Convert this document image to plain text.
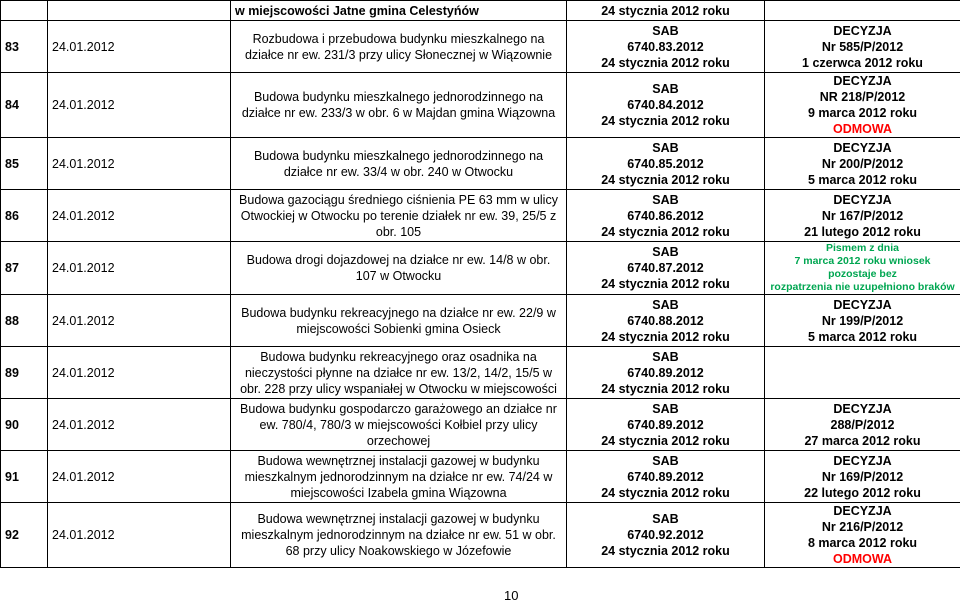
		w miejscowości Jatne gmina Celestyńów	24 stycznia 2012 roku	
83	24.01.2012	Rozbudowa i przebudowa budynku mieszkalnego na
działce nr ew. 231/3 przy ulicy Słonecznej w Wiązownie	SAB
6740.83.2012
24 stycznia 2012 roku	DECYZJA
Nr 585/P/2012
1 czerwca 2012 roku

84	24.01.2012	Budowa budynku mieszkalnego jednorodzinnego na
działce nr ew. 233/3 w obr. 6 w Majdan gmina Wiązowna	SAB
6740.84.2012
24 stycznia 2012 roku	DECYZJA
NR 218/P/2012
9 marca 2012 roku
ODMOWA

85	24.01.2012	Budowa budynku mieszkalnego jednorodzinnego na
działce nr ew. 33/4 w obr. 240 w Otwocku	SAB
6740.85.2012
24 stycznia 2012 roku	DECYZJA
Nr 200/P/2012
5 marca 2012 roku

86	24.01.2012	Budowa gazociągu średniego ciśnienia PE 63 mm w ulicy
Otwockiej w Otwocku po terenie działek nr ew. 39, 25/5 z obr. 105	SAB
6740.86.2012
24 stycznia 2012 roku	DECYZJA
Nr 167/P/2012
21 lutego 2012 roku

87	24.01.2012	Budowa drogi dojazdowej na działce nr ew. 14/8 w obr.
107 w Otwocku	SAB
6740.87.2012
24 stycznia 2012 roku	Pismem z dnia
7 marca 2012 roku wniosek pozostaje bez
rozpatrzenia nie uzupełniono braków

88	24.01.2012	Budowa budynku rekreacyjnego na działce nr ew. 22/9 w
miejscowości Sobienki gmina Osieck	SAB
6740.88.2012
24 stycznia 2012 roku	DECYZJA
Nr 199/P/2012
5 marca 2012 roku

89	24.01.2012	Budowa budynku rekreacyjnego oraz osadnika na nieczystości płynne na działce nr ew. 13/2, 14/2, 15/5 w
obr. 228 przy ulicy wspaniałej w Otwocku w miejscowości	SAB
6740.89.2012
24 stycznia 2012 roku	

90	24.01.2012	Budowa budynku gospodarczo garażowego an działce nr
ew. 780/4, 780/3 w miejscowości Kołbiel przy ulicy orzechowej	SAB
6740.89.2012
24 stycznia 2012 roku	DECYZJA
288/P/2012
27 marca 2012 roku

91	24.01.2012	Budowa wewnętrznej instalacji gazowej w budynku
mieszkalnym jednorodzinnym na działce nr ew. 74/24 w miejscowości Izabela gmina Wiązowna	SAB
6740.89.2012
24 stycznia 2012 roku	DECYZJA
Nr 169/P/2012
22 lutego 2012 roku

92	24.01.2012	Budowa wewnętrznej instalacji gazowej w budynku
mieszkalnym jednorodzinnym na działce nr ew. 51 w obr. 68 przy ulicy Noakowskiego w Józefowie	SAB
6740.92.2012
24 stycznia 2012 roku	DECYZJA
Nr 216/P/2012
8 marca 2012 roku
ODMOWA
10
